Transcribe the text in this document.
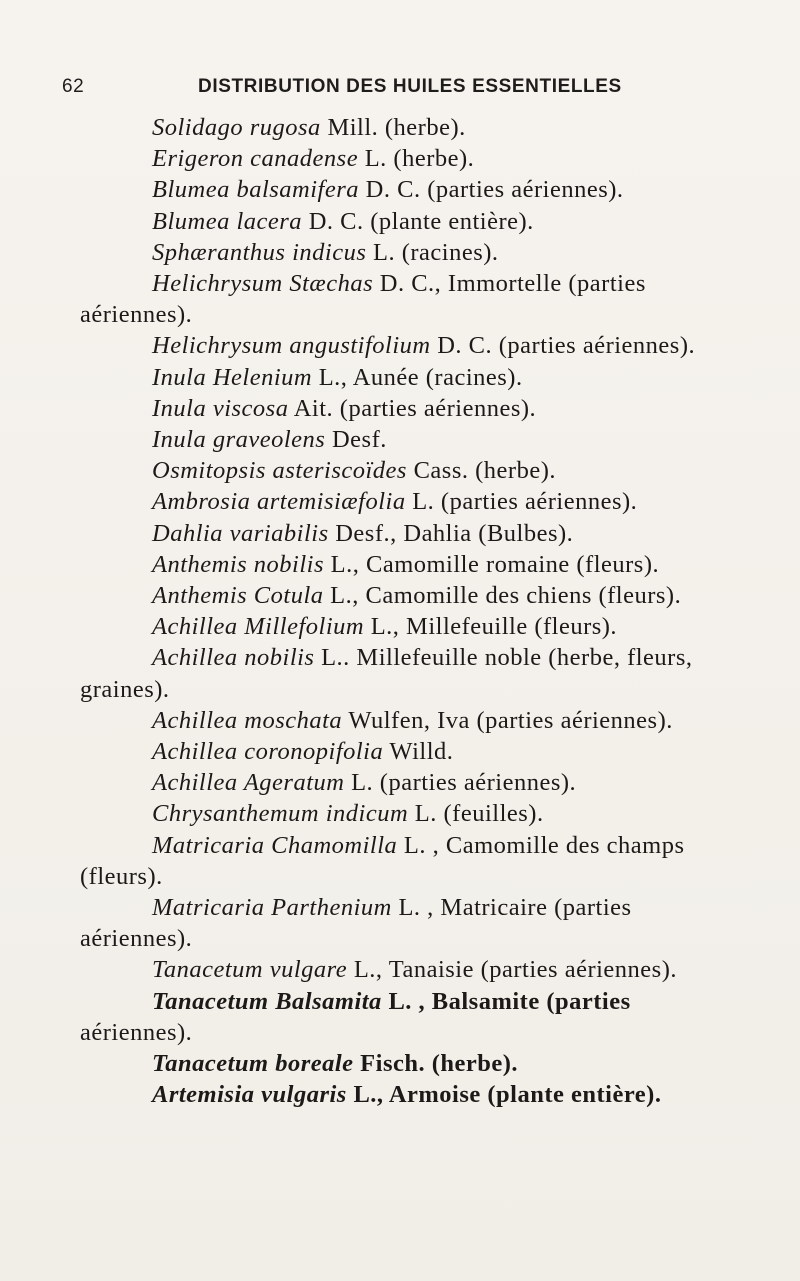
62	DISTRIBUTION DES HUILES ESSENTIELLES
Solidago rugosa Mill. (herbe).
Erigeron canadense L. (herbe).
Blumea balsamifera D. C. (parties aériennes).
Blumea lacera D. C. (plante entière).
Sphæranthus indicus L. (racines).
Helichrysum Stæchas D. C., Immortelle (parties
aériennes).
Helichrysum angustifolium D. C. (parties aériennes).
Inula Helenium L., Aunée (racines).
Inula viscosa Ait. (parties aériennes).
Inula graveolens Desf.
Osmitopsis asteriscoïdes Cass. (herbe).
Ambrosia artemisiæfolia L. (parties aériennes).
Dahlia variabilis Desf., Dahlia (Bulbes).
Anthemis nobilis L., Camomille romaine (fleurs).
Anthemis Cotula L., Camomille des chiens (fleurs).
Achillea Millefolium L., Millefeuille (fleurs).
Achillea nobilis L.. Millefeuille noble (herbe, fleurs,
graines).
Achillea moschata Wulfen, Iva (parties aériennes).
Achillea coronopifolia Willd.
Achillea Ageratum L. (parties aériennes).
Chrysanthemum indicum L. (feuilles).
Matricaria Chamomilla L. , Camomille des champs
(fleurs).
Matricaria Parthenium L. , Matricaire (parties
aériennes).
Tanacetum vulgare L., Tanaisie (parties aériennes).
Tanacetum Balsamita L. , Balsamite (parties
aériennes).
Tanacetum boreale Fisch. (herbe).
Artemisia vulgaris L., Armoise (plante entière).
